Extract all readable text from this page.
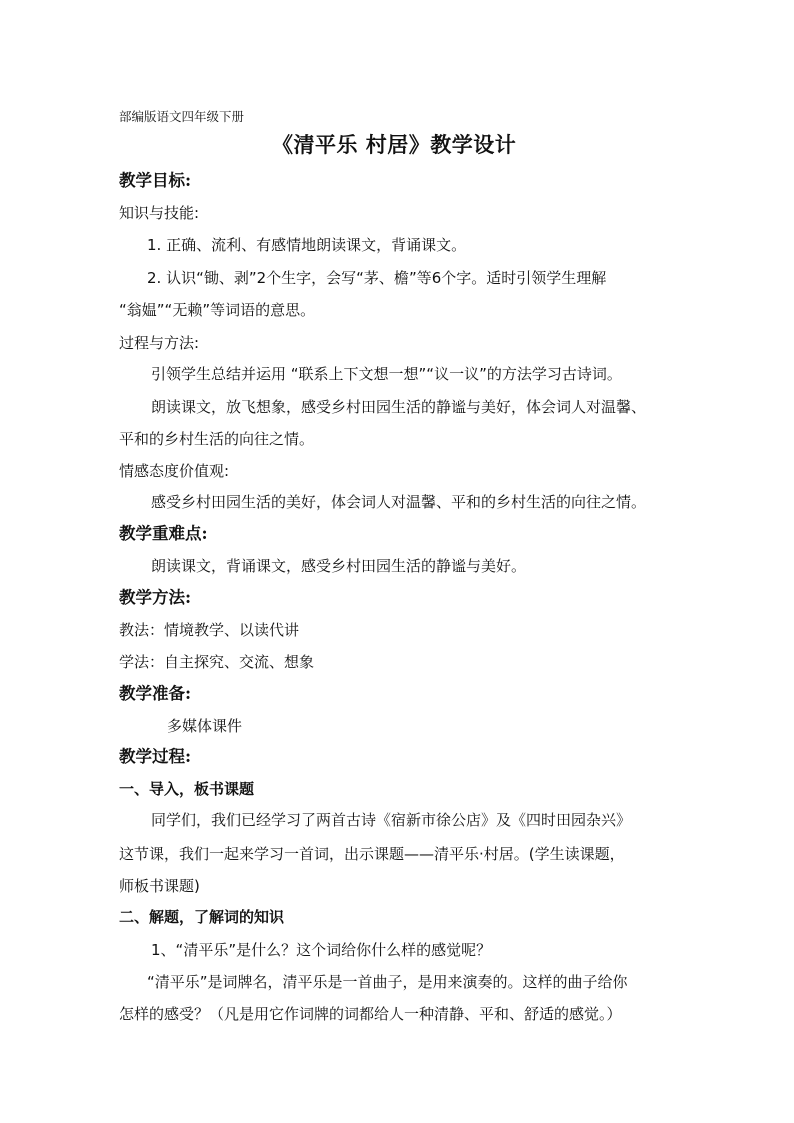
部编版语文四年级下册
《清平乐 村居》教学设计
教学目标:
知识与技能:
1. 正确、流利、有感情地朗读课文，背诵课文。
2. 认识“锄、剥”2个生字，会写“茅、檐”等6个字。适时引领学生理解
“翁媪”“无赖”等词语的意思。
过程与方法:
引领学生总结并运用 “联系上下文想一想”“议一议”的方法学习古诗词。
朗读课文，放飞想象，感受乡村田园生活的静谧与美好，体会词人对温馨、
平和的乡村生活的向往之情。
情感态度价值观:
感受乡村田园生活的美好，体会词人对温馨、平和的乡村生活的向往之情。
教学重难点:
朗读课文，背诵课文，感受乡村田园生活的静谧与美好。
教学方法:
教法：情境教学、以读代讲
学法：自主探究、交流、想象
教学准备:
多媒体课件
教学过程:
一、导入，板书课题
同学们，我们已经学习了两首古诗《宿新市徐公店》及《四时田园杂兴》
这节课，我们一起来学习一首词，出示课题——清平乐·村居。(学生读课题，
师板书课题)
二、解题，了解词的知识
1、“清平乐”是什么？这个词给你什么样的感觉呢？
“清平乐”是词牌名，清平乐是一首曲子，是用来演奏的。这样的曲子给你
怎样的感受？（凡是用它作词牌的词都给人一种清静、平和、舒适的感觉。）
